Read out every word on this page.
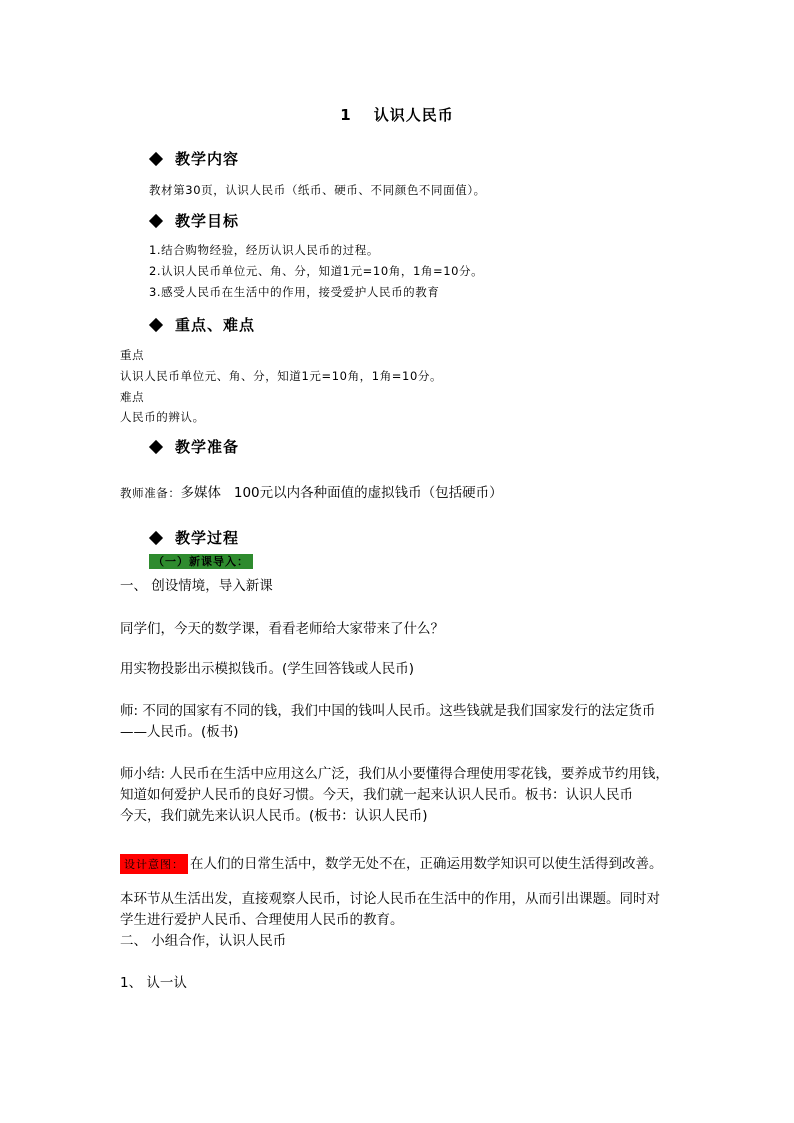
1 认识人民币
教学内容
教材第30页，认识人民币（纸币、硬币、不同颜色不同面值）。
教学目标
1.结合购物经验，经历认识人民币的过程。
2.认识人民币单位元、角、分，知道1元=10角，1角=10分。
3.感受人民币在生活中的作用，接受爱护人民币的教育
重点、难点
重点
认识人民币单位元、角、分，知道1元=10角，1角=10分。
难点
人民币的辨认。
教学准备
教师准备：多媒体   100元以内各种面值的虚拟钱币（包括硬币）
教学过程
（一）新课导入：
一、 创设情境，导入新课
同学们，今天的数学课，看看老师给大家带来了什么？
用实物投影出示模拟钱币。(学生回答钱或人民币)
师: 不同的国家有不同的钱，我们中国的钱叫人民币。这些钱就是我们国家发行的法定货币
——人民币。(板书)
师小结: 人民币在生活中应用这么广泛，我们从小要懂得合理使用零花钱，要养成节约用钱，
知道如何爱护人民币的良好习惯。今天，我们就一起来认识人民币。板书：认识人民币
今天，我们就先来认识人民币。(板书：认识人民币)
设计意图： 在人们的日常生活中，数学无处不在，正确运用数学知识可以使生活得到改善。
本环节从生活出发，直接观察人民币，讨论人民币在生活中的作用，从而引出课题。同时对
学生进行爱护人民币、合理使用人民币的教育。
二、 小组合作，认识人民币
1、 认一认
